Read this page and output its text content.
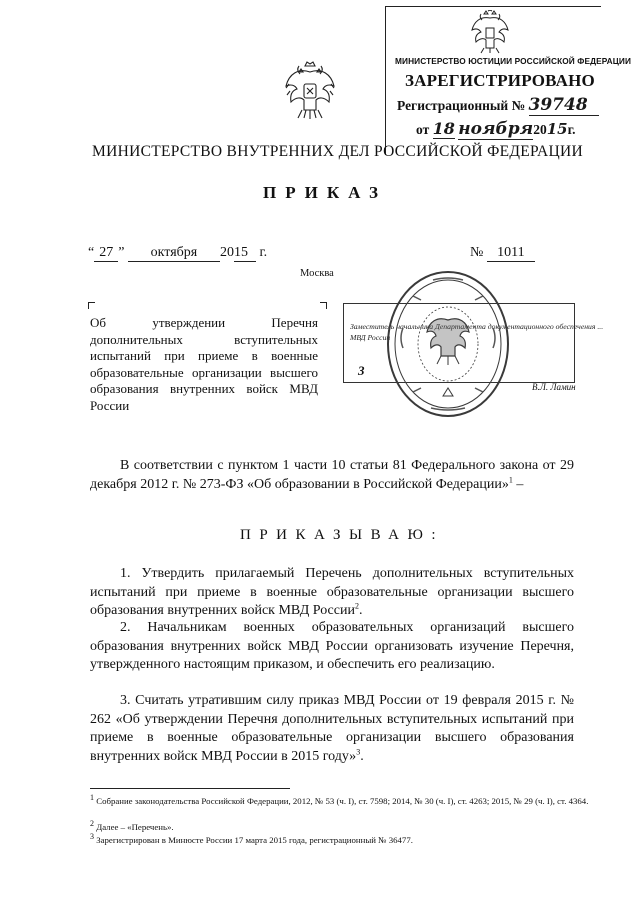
МИНИСТЕРСТВО ЮСТИЦИИ РОССИЙСКОЙ ФЕДЕРАЦИИ
ЗАРЕГИСТРИРОВАНО
Регистрационный № 39748
от 18 ноября2015г.
МИНИСТЕРСТВО ВНУТРЕННИХ ДЕЛ РОССИЙСКОЙ ФЕДЕРАЦИИ
ПРИКАЗ
“ 27 ” октября 2015 г.	№ 1011
Москва
Об утверждении Перечня дополнительных вступительных испытаний при приеме в военные образовательные организации высшего образования внутренних войск МВД России
Заместитель начальника Департамента документационного обеспечения ... МВД России
3
В.Л. Ламин
В соответствии с пунктом 1 части 10 статьи 81 Федерального закона от 29 декабря 2012 г. № 273-ФЗ «Об образовании в Российской Федерации»$^1$ –
ПРИКАЗЫВАЮ:
1. Утвердить прилагаемый Перечень дополнительных вступительных испытаний при приеме в военные образовательные организации высшего образования внутренних войск МВД России$^2$.
2. Начальникам военных образовательных организаций высшего образования внутренних войск МВД России организовать изучение Перечня, утвержденного настоящим приказом, и обеспечить его реализацию.
3. Считать утратившим силу приказ МВД России от 19 февраля 2015 г. № 262 «Об утверждении Перечня дополнительных вступительных испытаний при приеме в военные образовательные организации высшего образования внутренних войск МВД России в 2015 году»$^3$.
$^1$ Собрание законодательства Российской Федерации, 2012, № 53 (ч. I), ст. 7598; 2014, № 30 (ч. I), ст. 4263; 2015, № 29 (ч. I), ст. 4364.
$^2$ Далее – «Перечень».
$^3$ Зарегистрирован в Минюсте России 17 марта 2015 года, регистрационный № 36477.
